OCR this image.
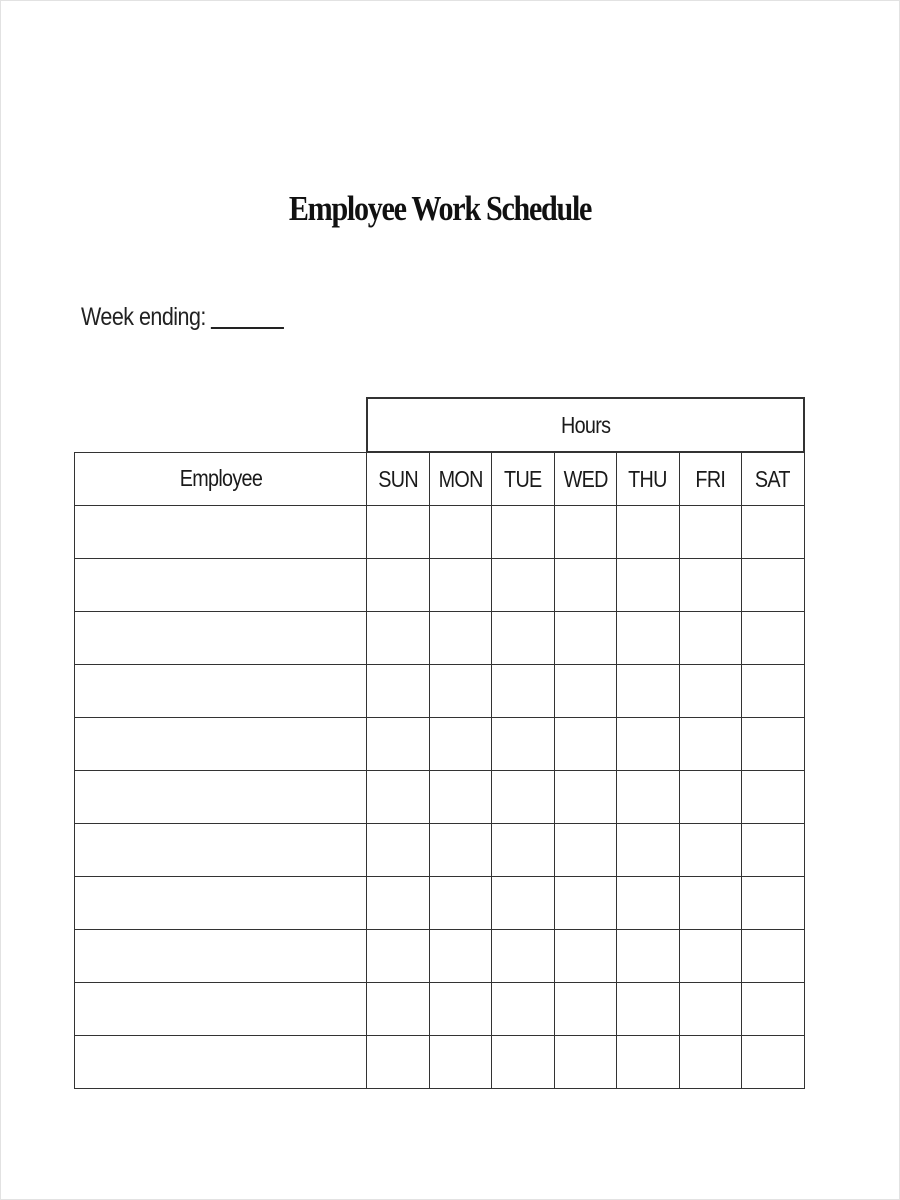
Employee Work Schedule
Week ending:
	Hours						
Employee	SUN	MON	TUE	WED	THU	FRI	SAT
